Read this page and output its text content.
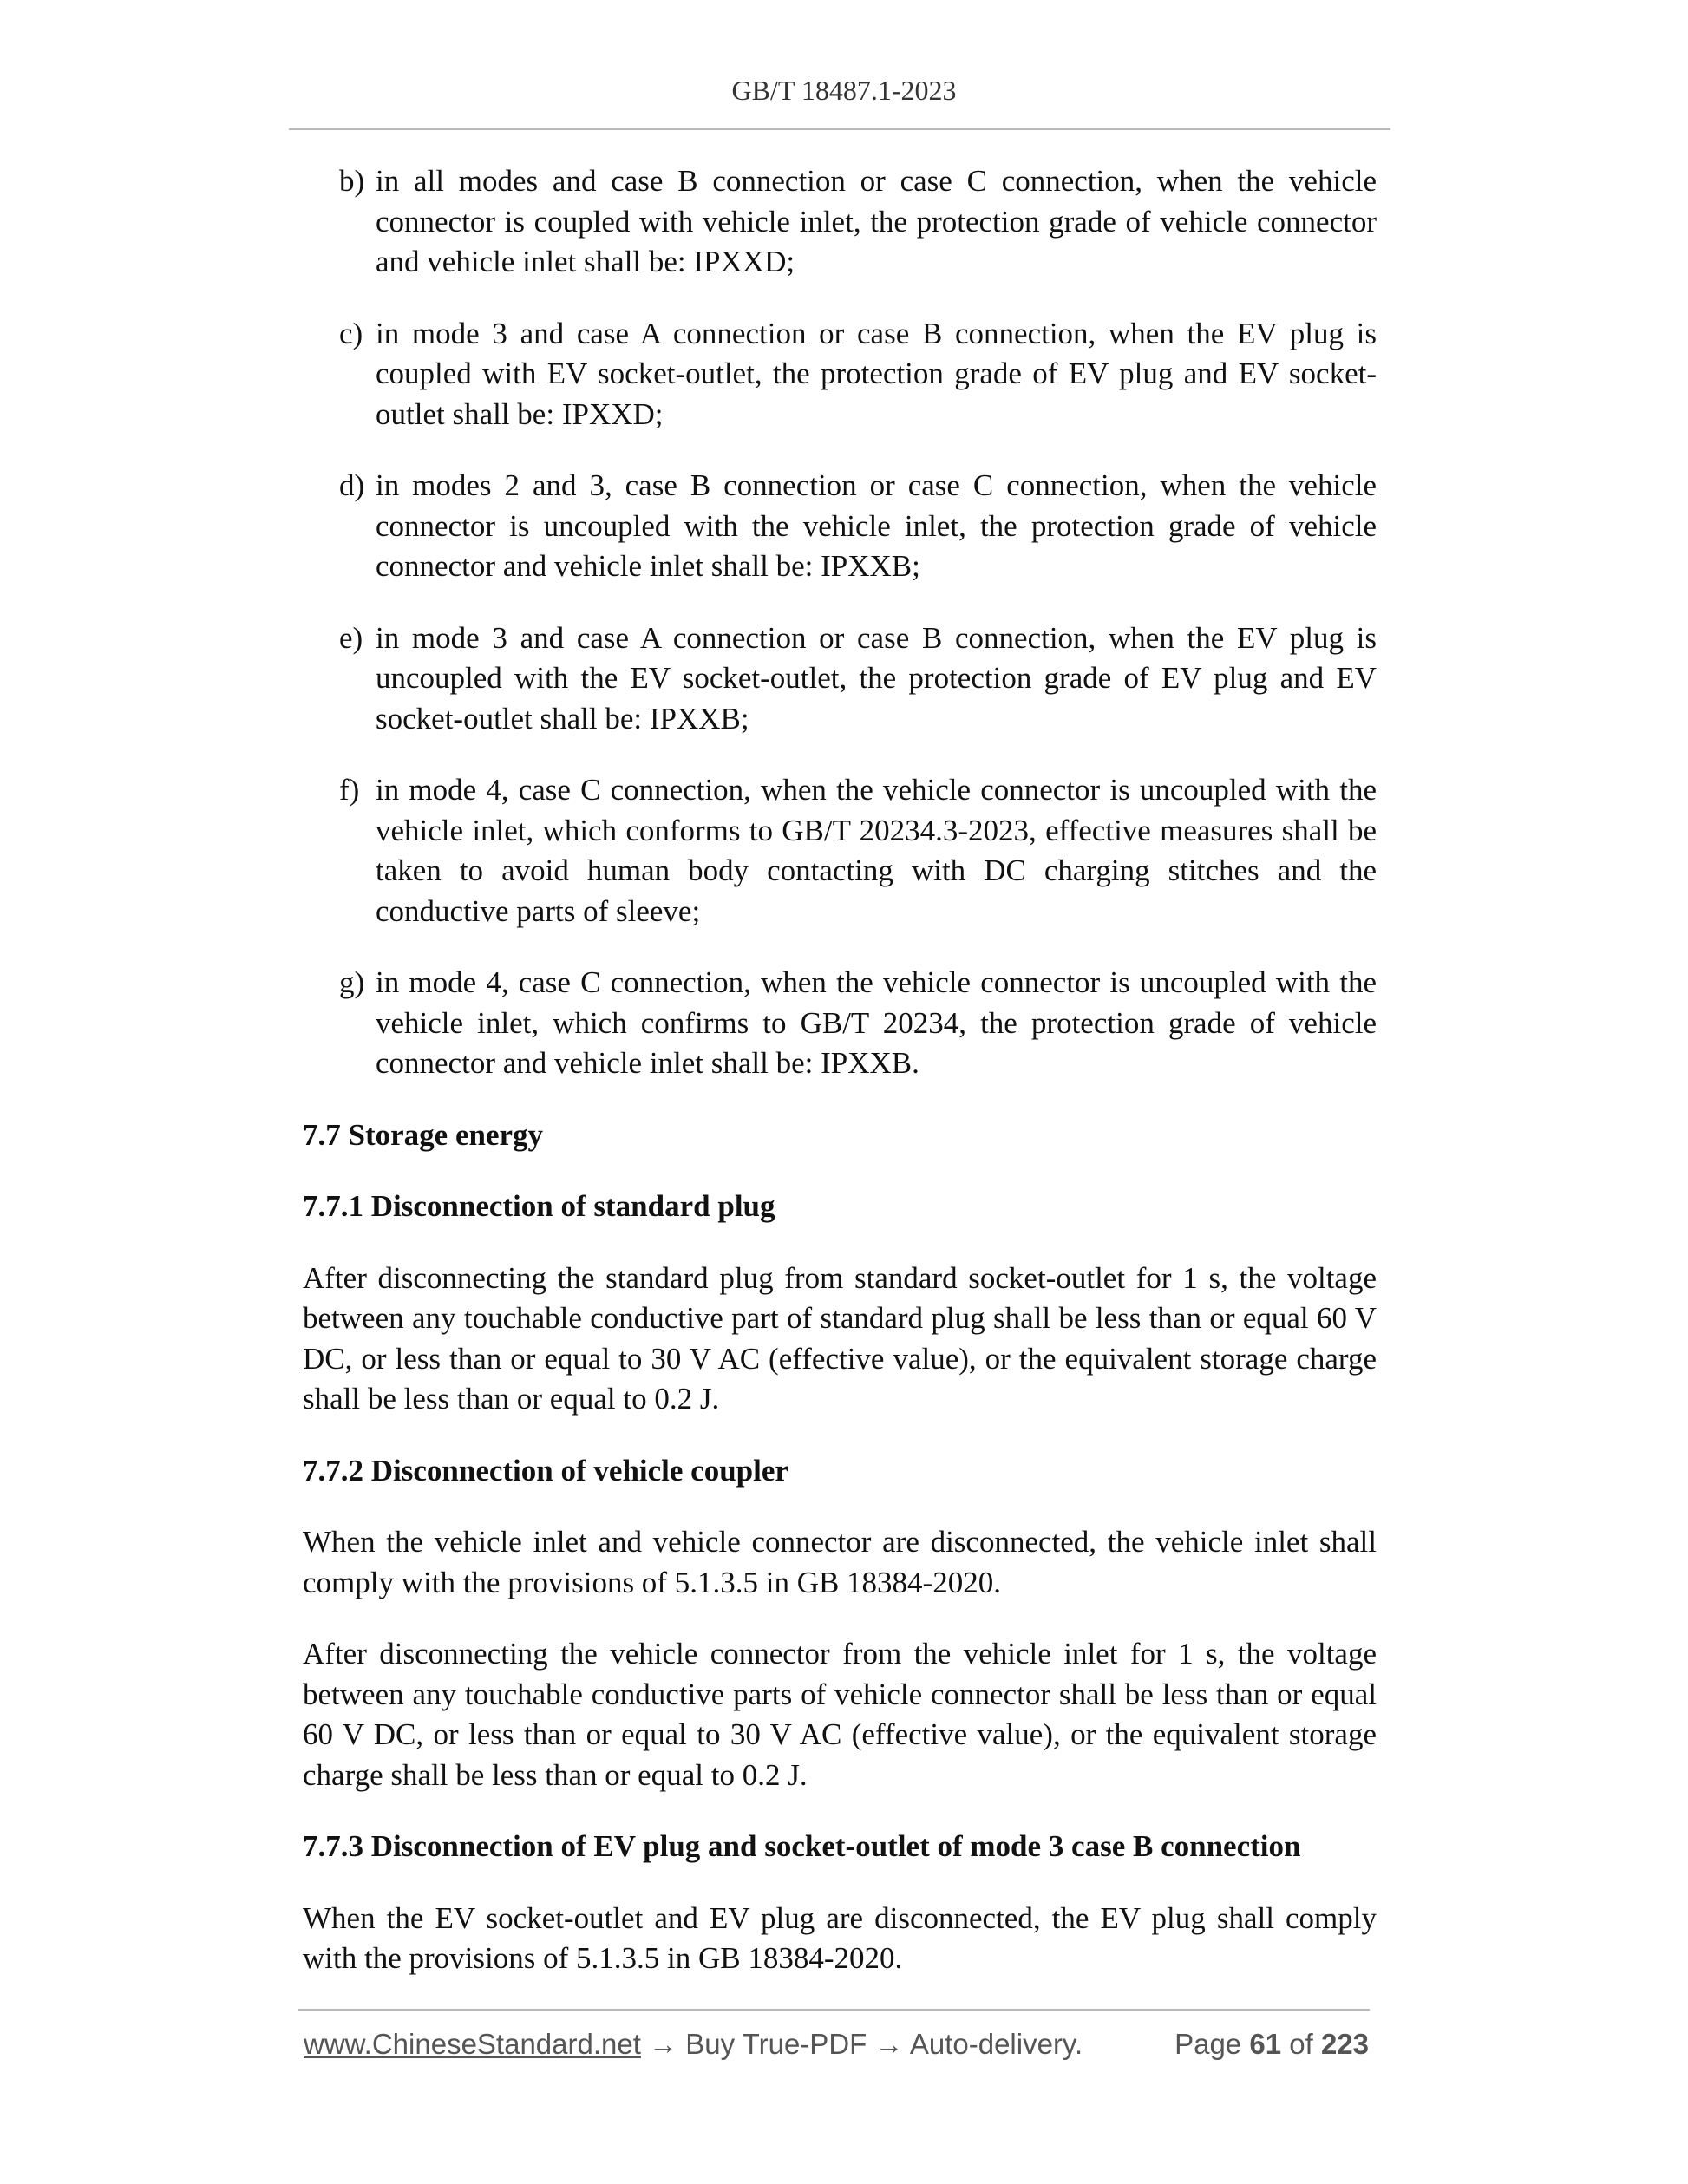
GB/T 18487.1-2023
b) in all modes and case B connection or case C connection, when the vehicle connector is coupled with vehicle inlet, the protection grade of vehicle connector and vehicle inlet shall be: IPXXD;
c) in mode 3 and case A connection or case B connection, when the EV plug is coupled with EV socket-outlet, the protection grade of EV plug and EV socket-outlet shall be: IPXXD;
d) in modes 2 and 3, case B connection or case C connection, when the vehicle connector is uncoupled with the vehicle inlet, the protection grade of vehicle connector and vehicle inlet shall be: IPXXB;
e) in mode 3 and case A connection or case B connection, when the EV plug is uncoupled with the EV socket-outlet, the protection grade of EV plug and EV socket-outlet shall be: IPXXB;
f) in mode 4, case C connection, when the vehicle connector is uncoupled with the vehicle inlet, which conforms to GB/T 20234.3-2023, effective measures shall be taken to avoid human body contacting with DC charging stitches and the conductive parts of sleeve;
g) in mode 4, case C connection, when the vehicle connector is uncoupled with the vehicle inlet, which confirms to GB/T 20234, the protection grade of vehicle connector and vehicle inlet shall be: IPXXB.
7.7 Storage energy
7.7.1 Disconnection of standard plug
After disconnecting the standard plug from standard socket-outlet for 1 s, the voltage between any touchable conductive part of standard plug shall be less than or equal 60 V DC, or less than or equal to 30 V AC (effective value), or the equivalent storage charge shall be less than or equal to 0.2 J.
7.7.2 Disconnection of vehicle coupler
When the vehicle inlet and vehicle connector are disconnected, the vehicle inlet shall comply with the provisions of 5.1.3.5 in GB 18384-2020.
After disconnecting the vehicle connector from the vehicle inlet for 1 s, the voltage between any touchable conductive parts of vehicle connector shall be less than or equal 60 V DC, or less than or equal to 30 V AC (effective value), or the equivalent storage charge shall be less than or equal to 0.2 J.
7.7.3 Disconnection of EV plug and socket-outlet of mode 3 case B connection
When the EV socket-outlet and EV plug are disconnected, the EV plug shall comply with the provisions of 5.1.3.5 in GB 18384-2020.
www.ChineseStandard.net → Buy True-PDF → Auto-delivery.	Page 61 of 223
